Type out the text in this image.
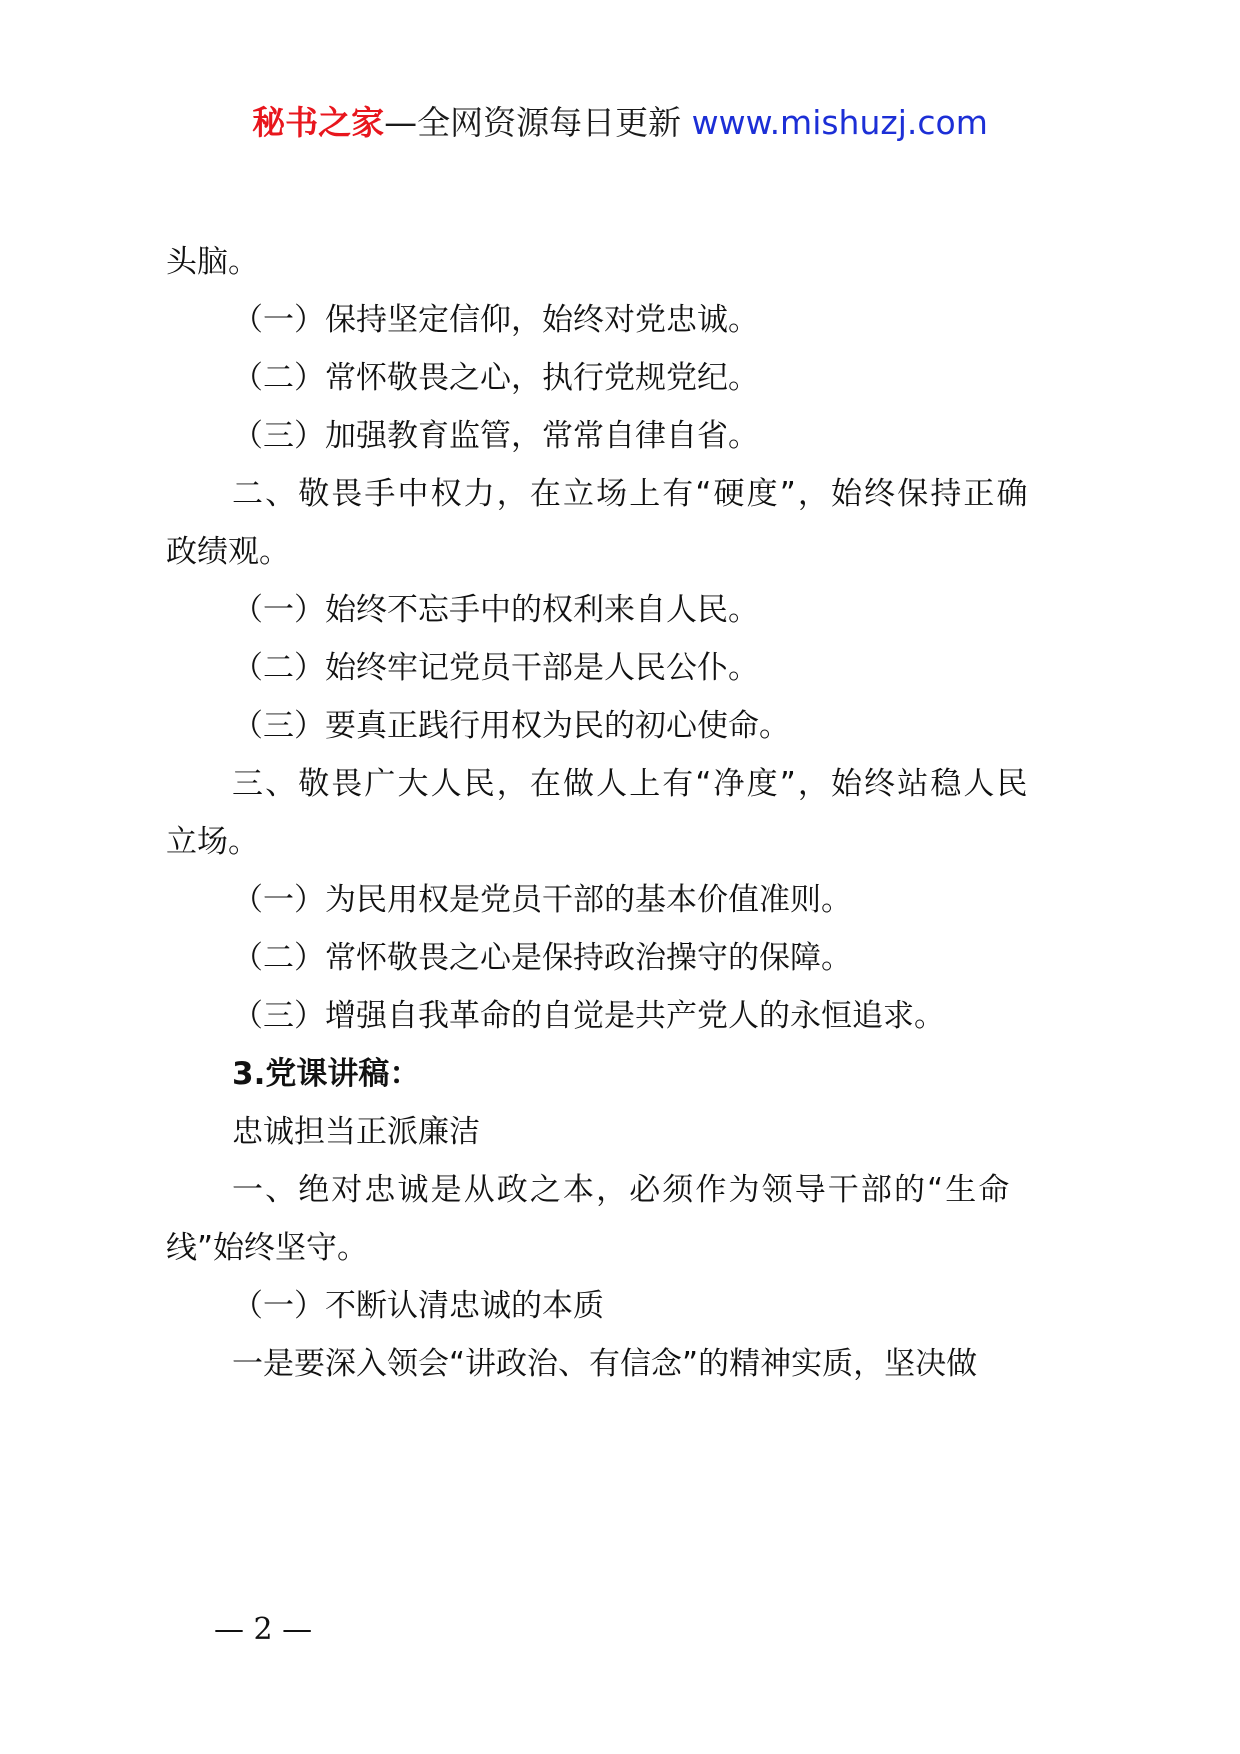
秘书之家—全网资源每日更新 www.mishuzj.com
头脑。
（一）保持坚定信仰，始终对党忠诚。
（二）常怀敬畏之心，执行党规党纪。
（三）加强教育监管，常常自律自省。
二、敬畏手中权力，在立场上有“硬度”，始终保持正确
政绩观。
（一）始终不忘手中的权利来自人民。
（二）始终牢记党员干部是人民公仆。
（三）要真正践行用权为民的初心使命。
三、敬畏广大人民，在做人上有“净度”，始终站稳人民
立场。
（一）为民用权是党员干部的基本价值准则。
（二）常怀敬畏之心是保持政治操守的保障。
（三）增强自我革命的自觉是共产党人的永恒追求。
3.党课讲稿：
忠诚担当正派廉洁
一、绝对忠诚是从政之本，必须作为领导干部的“生命
线”始终坚守。
（一）不断认清忠诚的本质
一是要深入领会“讲政治、有信念”的精神实质，坚决做
— 2 —
